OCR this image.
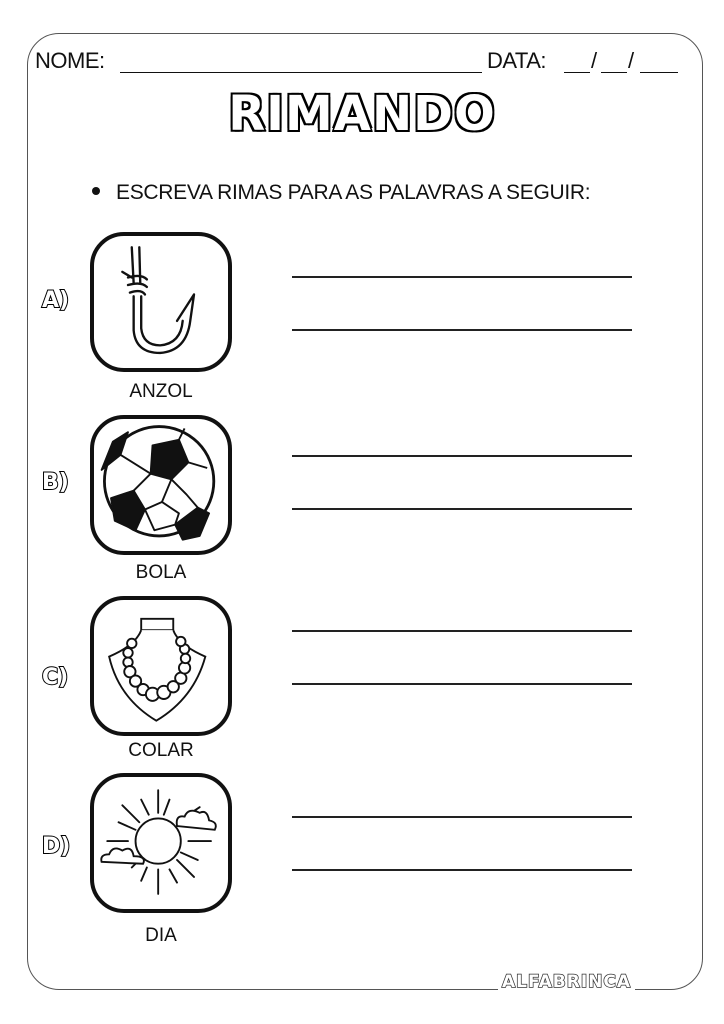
NOME:	DATA: / /
RIMANDO
ESCREVA RIMAS PARA AS PALAVRAS A SEGUIR:
A)
ANZOL
B)
BOLA
C)
COLAR
D)
DIA
ALFABRINCA
